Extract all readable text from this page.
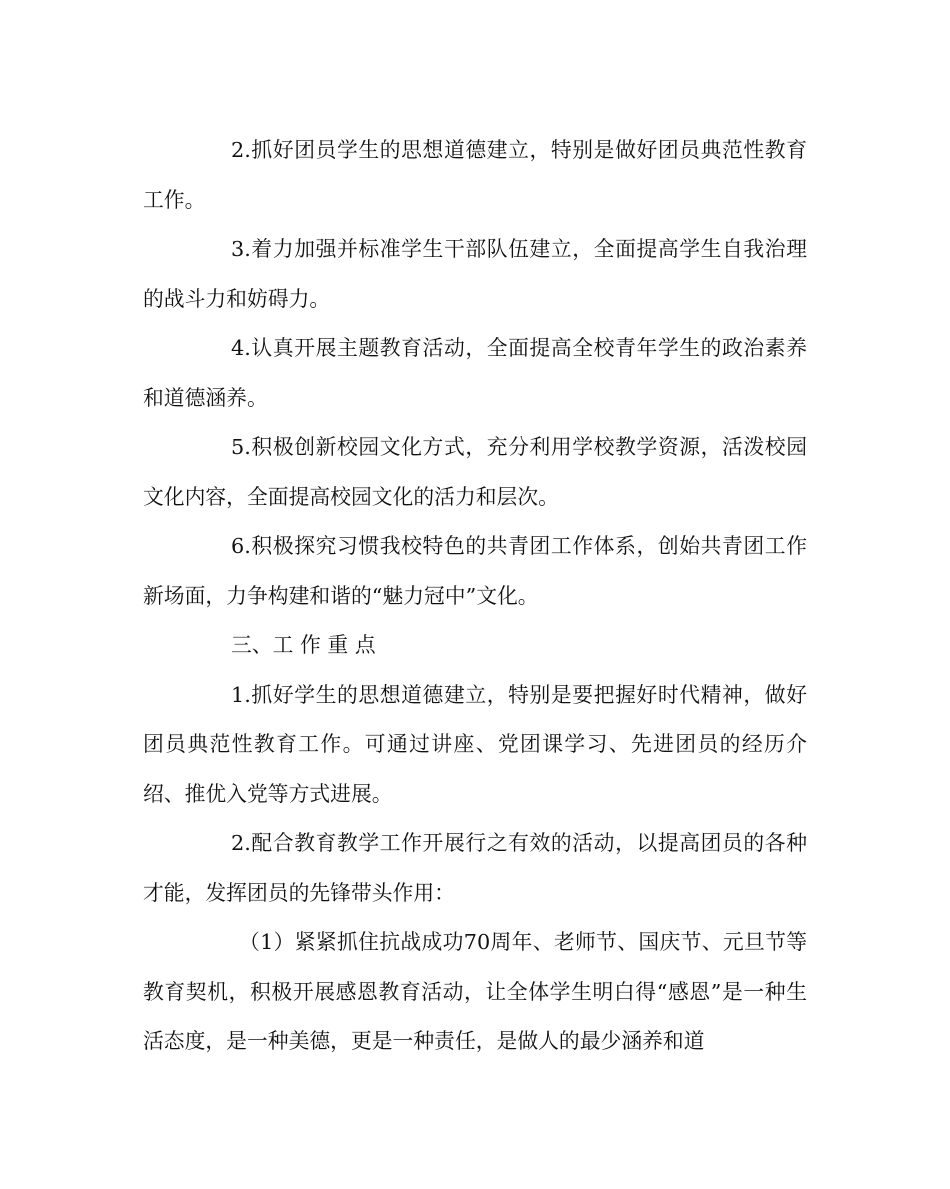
2.抓好团员学生的思想道德建立，特别是做好团员典范性教育工作。

3.着力加强并标准学生干部队伍建立，全面提高学生自我治理的战斗力和妨碍力。

4.认真开展主题教育活动，全面提高全校青年学生的政治素养和道德涵养。

5.积极创新校园文化方式，充分利用学校教学资源，活泼校园文化内容，全面提高校园文化的活力和层次。

6.积极探究习惯我校特色的共青团工作体系，创始共青团工作新场面，力争构建和谐的“魅力冠中”文化。

三、工 作 重 点

1.抓好学生的思想道德建立，特别是要把握好时代精神，做好团员典范性教育工作。可通过讲座、党团课学习、先进团员的经历介绍、推优入党等方式进展。

2.配合教育教学工作开展行之有效的活动，以提高团员的各种才能，发挥团员的先锋带头作用：

（1）紧紧抓住抗战成功70周年、老师节、国庆节、元旦节等教育契机，积极开展感恩教育活动，让全体学生明白得“感恩”是一种生活态度，是一种美德，更是一种责任，是做人的最少涵养和道
